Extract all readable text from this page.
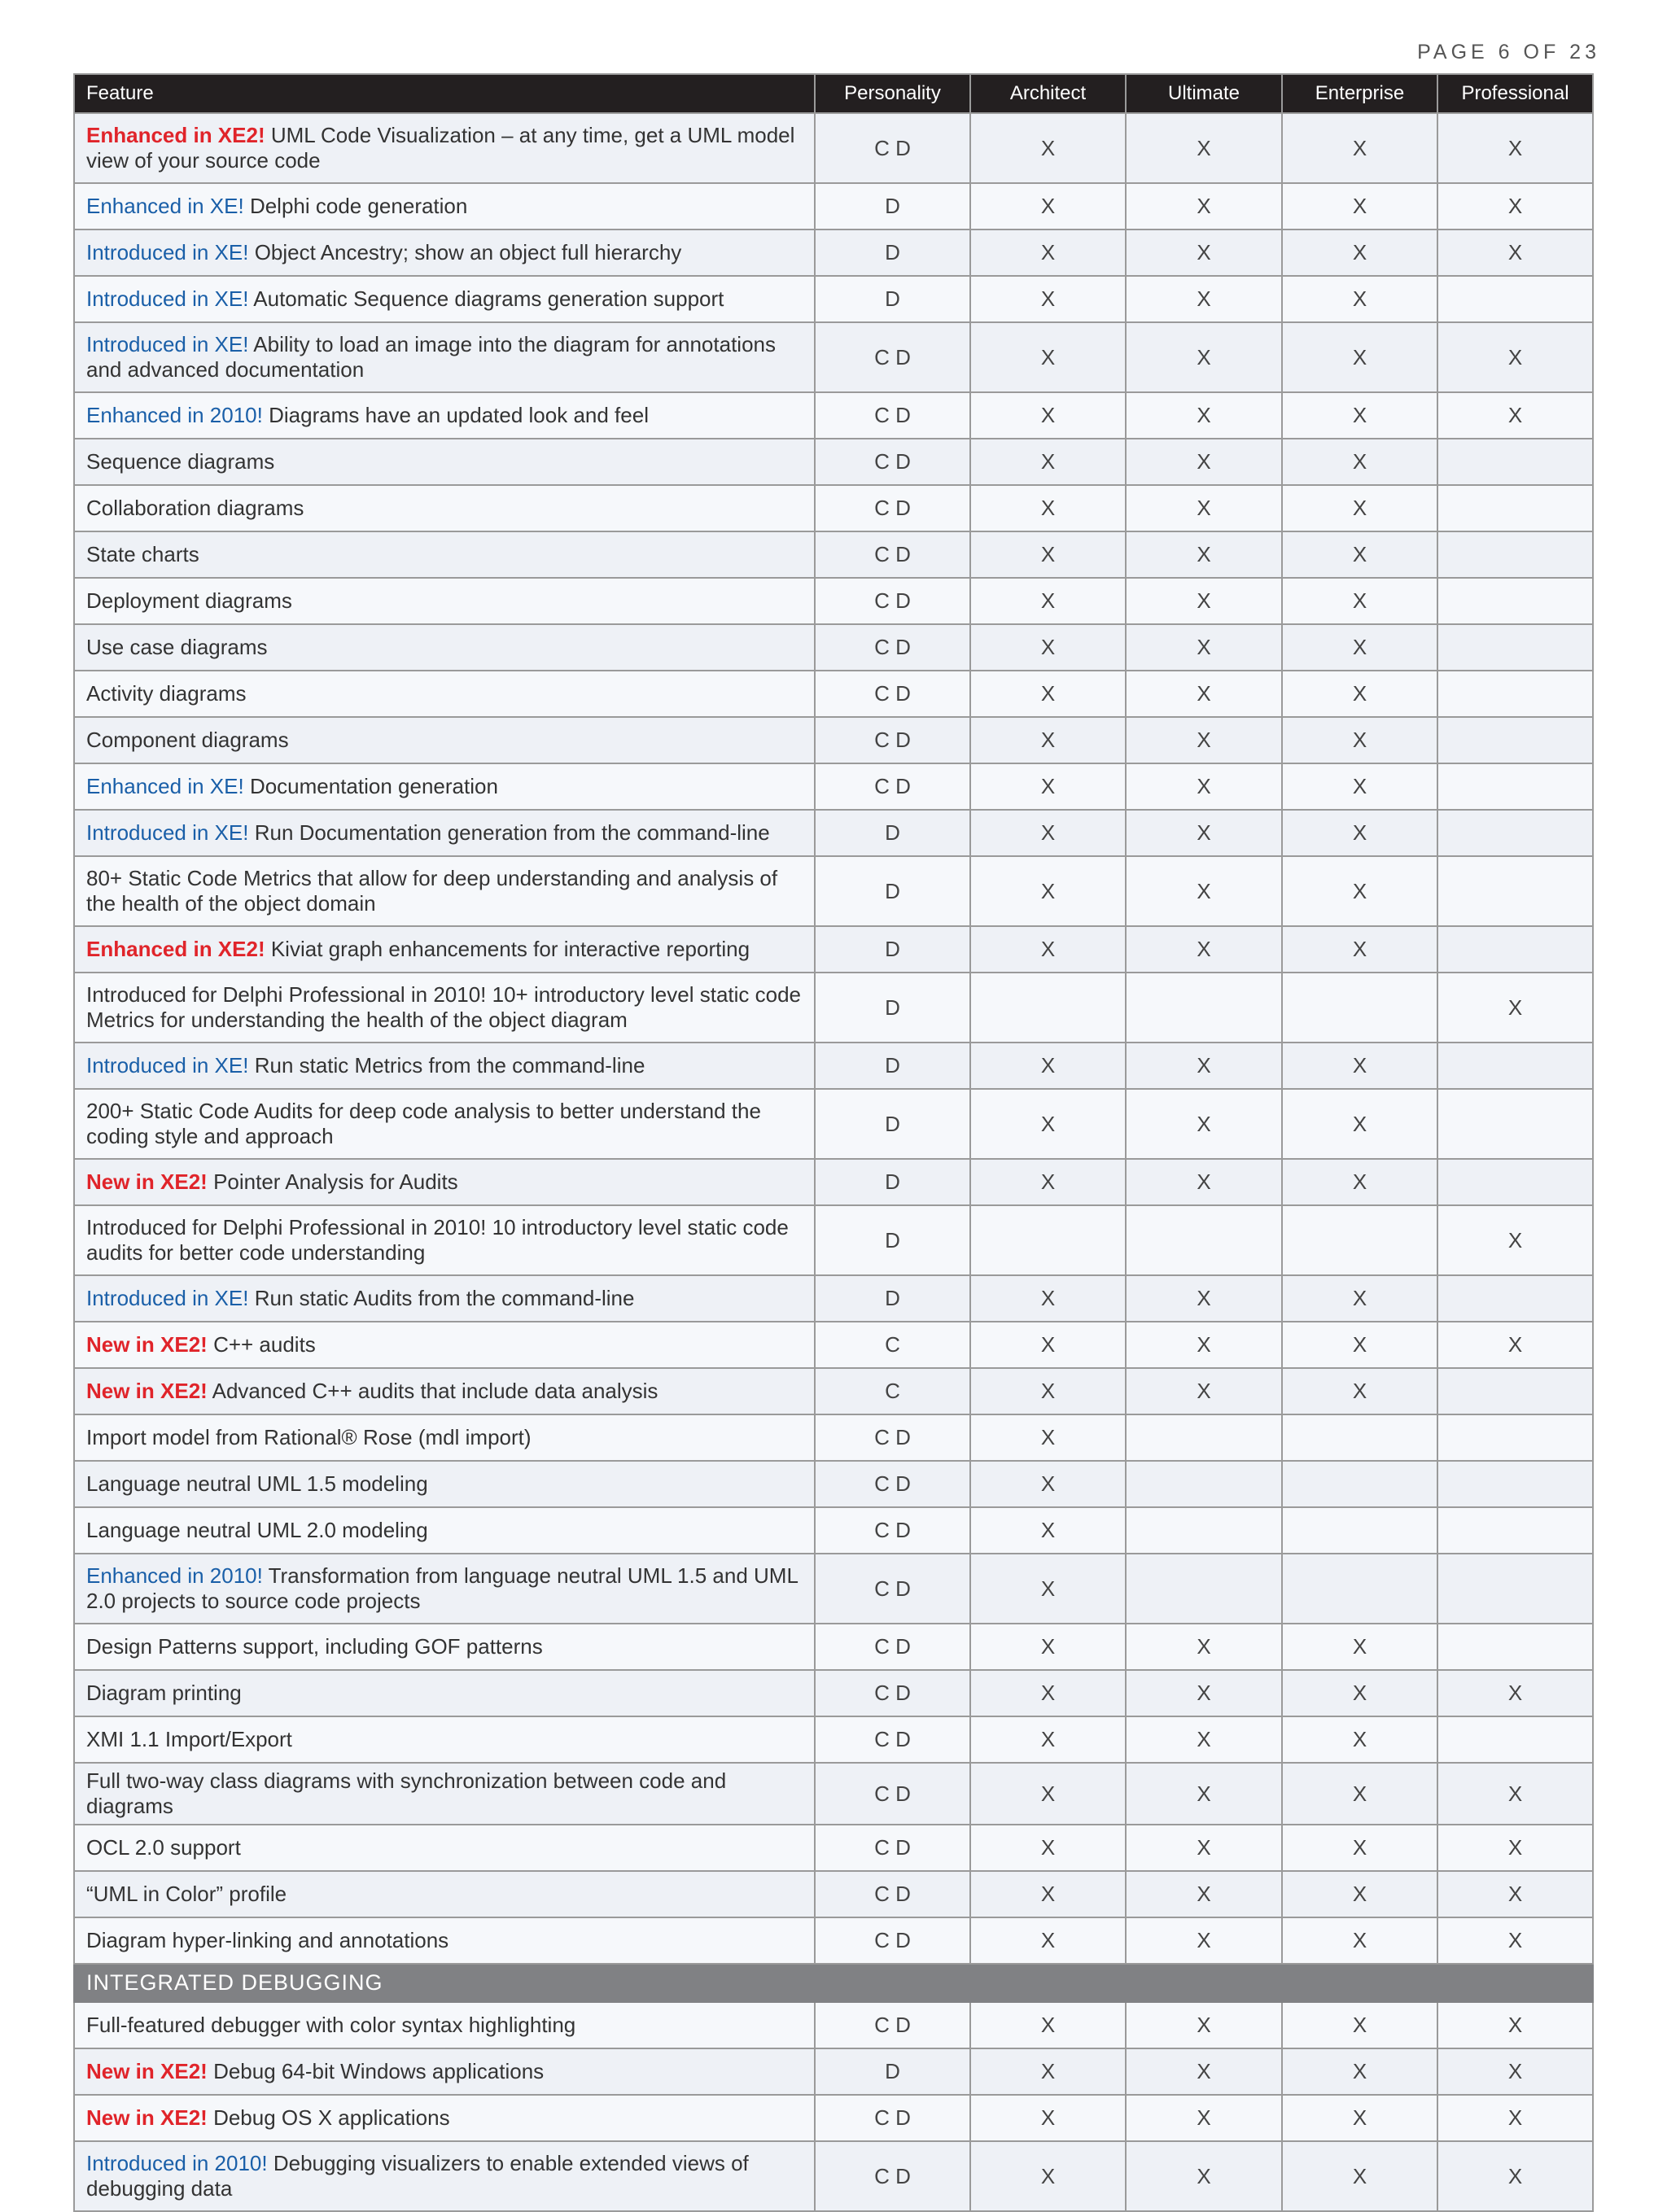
PAGE 6 OF 23
Feature	Personality	Architect	Ultimate	Enterprise	Professional
Enhanced in XE2! UML Code Visualization – at any time, get a UML model view of your source code	C D	X	X	X	X
Enhanced in XE! Delphi code generation	D	X	X	X	X
Introduced in XE! Object Ancestry; show an object full hierarchy	D	X	X	X	X
Introduced in XE! Automatic Sequence diagrams generation support	D	X	X	X	
Introduced in XE! Ability to load an image into the diagram for annotations and advanced documentation	C D	X	X	X	X
Enhanced in 2010! Diagrams have an updated look and feel	C D	X	X	X	X
Sequence diagrams	C D	X	X	X	
Collaboration diagrams	C D	X	X	X	
State charts	C D	X	X	X	
Deployment diagrams	C D	X	X	X	
Use case diagrams	C D	X	X	X	
Activity diagrams	C D	X	X	X	
Component diagrams	C D	X	X	X	
Enhanced in XE! Documentation generation	C D	X	X	X	
Introduced in XE! Run Documentation generation from the command-line	D	X	X	X	
80+ Static Code Metrics that allow for deep understanding and analysis of the health of the object domain	D	X	X	X	
Enhanced in XE2! Kiviat graph enhancements for interactive reporting	D	X	X	X	
Introduced for Delphi Professional in 2010! 10+ introductory level static code Metrics for understanding the health of the object diagram	D				X
Introduced in XE! Run static Metrics from the command-line	D	X	X	X	
200+ Static Code Audits for deep code analysis to better understand the coding style and approach	D	X	X	X	
New in XE2! Pointer Analysis for Audits	D	X	X	X	
Introduced for Delphi Professional in 2010! 10 introductory level static code audits for better code understanding	D				X
Introduced in XE! Run static Audits from the command-line	D	X	X	X	
New in XE2! C++ audits	C	X	X	X	X
New in XE2! Advanced C++ audits that include data analysis	C	X	X	X	
Import model from Rational® Rose (mdl import)	C D	X			
Language neutral UML 1.5 modeling	C D	X			
Language neutral UML 2.0 modeling	C D	X			
Enhanced in 2010! Transformation from language neutral UML 1.5 and UML 2.0 projects to source code projects	C D	X			
Design Patterns support, including GOF patterns	C D	X	X	X	
Diagram printing	C D	X	X	X	X
XMI 1.1 Import/Export	C D	X	X	X	
Full two-way class diagrams with synchronization between code and diagrams	C D	X	X	X	X
OCL 2.0 support	C D	X	X	X	X
“UML in Color” profile	C D	X	X	X	X
Diagram hyper-linking and annotations	C D	X	X	X	X
INTEGRATED DEBUGGING					
Full-featured debugger with color syntax highlighting	C D	X	X	X	X
New in XE2! Debug 64-bit Windows applications	D	X	X	X	X
New in XE2! Debug OS X applications	C D	X	X	X	X
Introduced in 2010! Debugging visualizers to enable extended views of debugging data	C D	X	X	X	X
